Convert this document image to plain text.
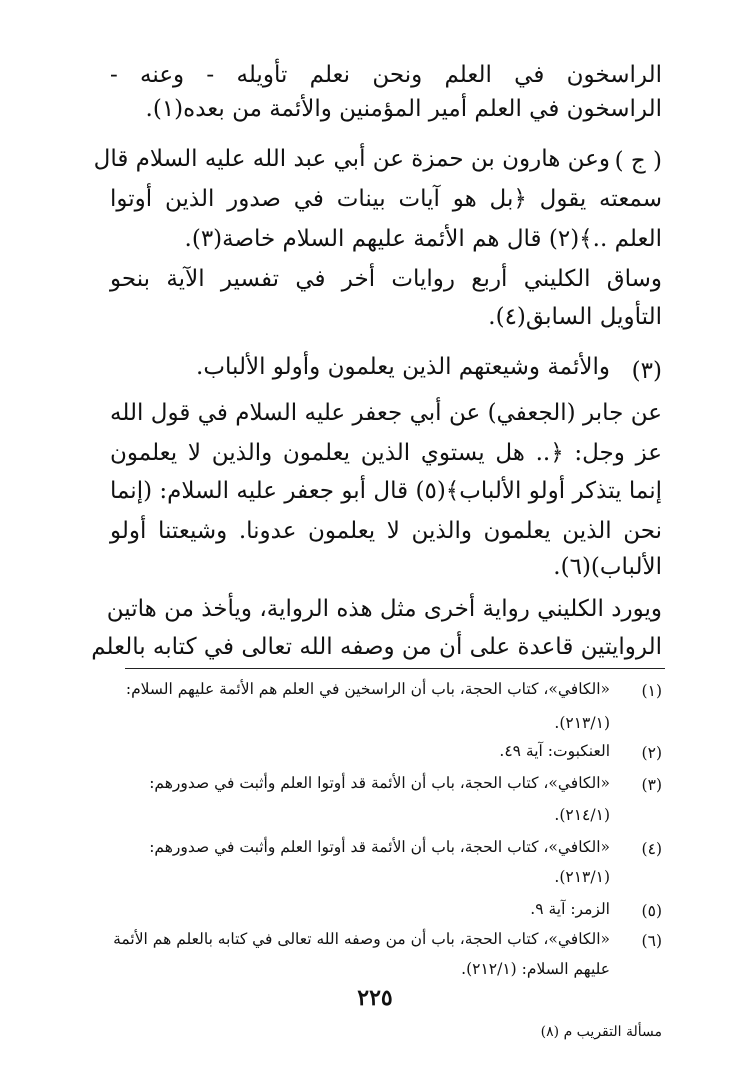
الراسخون في العلم ونحن نعلم تأويله - وعنه -
الراسخون في العلم أمير المؤمنين والأئمة من بعده(١).
( ج )
وعن هارون بن حمزة عن أبي عبد الله عليه السلام قال
سمعته يقول ﴿بل هو آيات بينات في صدور الذين أوتوا
العلم ..﴾(٢) قال هم الأئمة عليهم السلام خاصة(٣).
وساق الكليني أربع روايات أخر في تفسير الآية بنحو
التأويل السابق(٤).
(٣)
والأئمة وشيعتهم الذين يعلمون وأولو الألباب.
عن جابر (الجعفي) عن أبي جعفر عليه السلام في قول الله
عز وجل: ﴿.. هل يستوي الذين يعلمون والذين لا يعلمون
إنما يتذكر أولو الألباب﴾(٥) قال أبو جعفر عليه السلام: (إنما
نحن الذين يعلمون والذين لا يعلمون عدونا. وشيعتنا أولو
الألباب)(٦).
ويورد الكليني رواية أخرى مثل هذه الرواية، ويأخذ من هاتين
الروايتين قاعدة على أن من وصفه الله تعالى في كتابه بالعلم
(١)
«الكافي»، كتاب الحجة، باب أن الراسخين في العلم هم الأئمة عليهم السلام:
(٢١٣/١).
(٢)
العنكبوت: آية ٤٩.
(٣)
«الكافي»، كتاب الحجة، باب أن الأئمة قد أوتوا العلم وأثبت في صدورهم:
(٢١٤/١).
(٤)
«الكافي»، كتاب الحجة، باب أن الأئمة قد أوتوا العلم وأثبت في صدورهم:
(٢١٣/١).
(٥)
الزمر: آية ٩.
(٦)
«الكافي»، كتاب الحجة، باب أن من وصفه الله تعالى في كتابه بالعلم هم الأئمة
عليهم السلام: (٢١٢/١).
٢٢٥
مسألة التقريب م (٨)
